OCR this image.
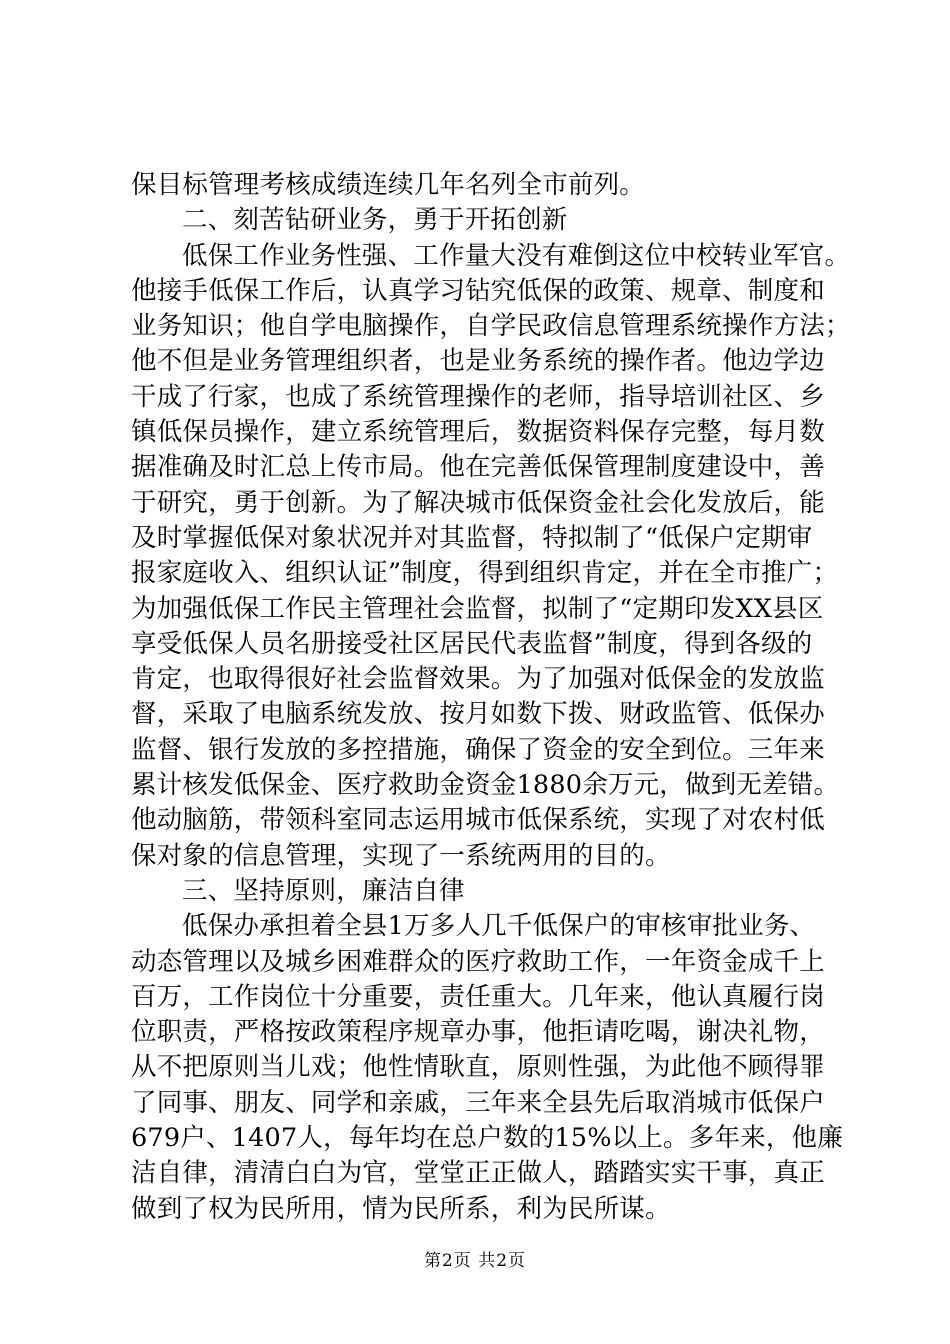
保目标管理考核成绩连续几年名列全市前列。
二、刻苦钻研业务，勇于开拓创新
低保工作业务性强、工作量大没有难倒这位中校转业军官。
他接手低保工作后，认真学习钻究低保的政策、规章、制度和
业务知识；他自学电脑操作，自学民政信息管理系统操作方法；
他不但是业务管理组织者，也是业务系统的操作者。他边学边
干成了行家，也成了系统管理操作的老师，指导培训社区、乡
镇低保员操作，建立系统管理后，数据资料保存完整，每月数
据准确及时汇总上传市局。他在完善低保管理制度建设中，善
于研究，勇于创新。为了解决城市低保资金社会化发放后，能
及时掌握低保对象状况并对其监督，特拟制了“低保户定期审
报家庭收入、组织认证”制度，得到组织肯定，并在全市推广；
为加强低保工作民主管理社会监督，拟制了“定期印发XX县区
享受低保人员名册接受社区居民代表监督”制度，得到各级的
肯定，也取得很好社会监督效果。为了加强对低保金的发放监
督，采取了电脑系统发放、按月如数下拨、财政监管、低保办
监督、银行发放的多控措施，确保了资金的安全到位。三年来
累计核发低保金、医疗救助金资金1880余万元，做到无差错。
他动脑筋，带领科室同志运用城市低保系统，实现了对农村低
保对象的信息管理，实现了一系统两用的目的。
三、坚持原则，廉洁自律
低保办承担着全县1万多人几千低保户的审核审批业务、
动态管理以及城乡困难群众的医疗救助工作，一年资金成千上
百万，工作岗位十分重要，责任重大。几年来，他认真履行岗
位职责，严格按政策程序规章办事，他拒请吃喝，谢决礼物，
从不把原则当儿戏；他性情耿直，原则性强，为此他不顾得罪
了同事、朋友、同学和亲戚，三年来全县先后取消城市低保户
679户、1407人，每年均在总户数的15%以上。多年来，他廉
洁自律，清清白白为官，堂堂正正做人，踏踏实实干事，真正
做到了权为民所用，情为民所系，利为民所谋。
第2页 共2页
